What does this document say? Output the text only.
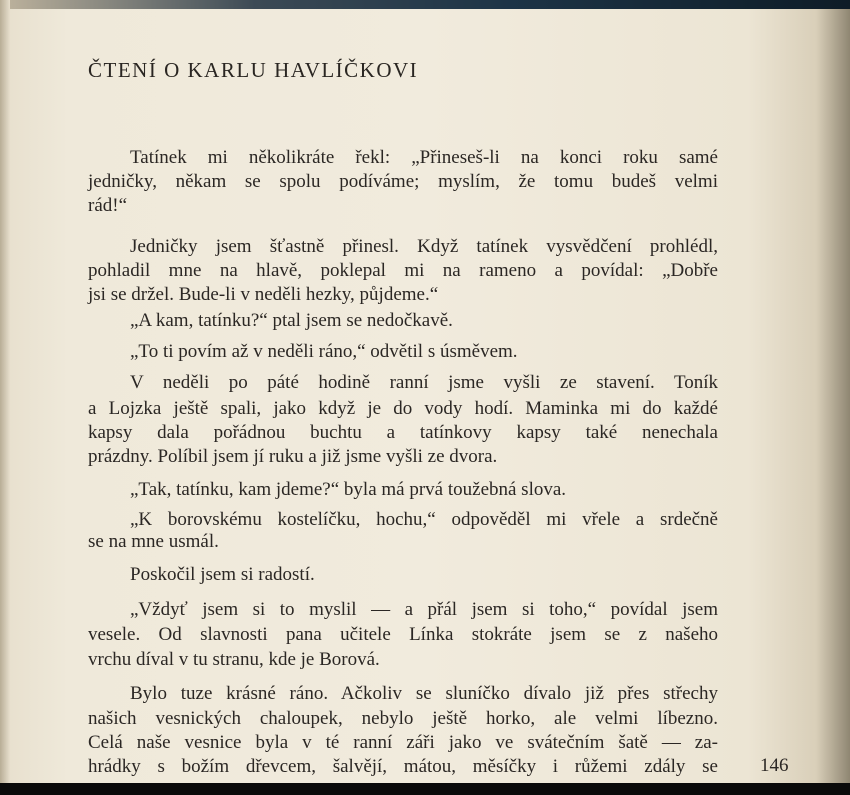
ČTENÍ O KARLU HAVLÍČKOVI
Tatínek mi několikráte řekl: „Přineseš-li na konci roku samé
jedničky, někam se spolu podíváme; myslím, že tomu budeš velmi
rád!“
Jedničky jsem šťastně přinesl. Když tatínek vysvědčení prohlédl,
pohladil mne na hlavě, poklepal mi na rameno a povídal: „Dobře
jsi se držel. Bude-li v neděli hezky, půjdeme.“
„A kam, tatínku?“ ptal jsem se nedočkavě.
„To ti povím až v neděli ráno,“ odvětil s úsměvem.
V neděli po páté hodině ranní jsme vyšli ze stavení. Toník
a Lojzka ještě spali, jako když je do vody hodí. Maminka mi do každé
kapsy dala pořádnou buchtu a tatínkovy kapsy také nenechala
prázdny. Políbil jsem jí ruku a již jsme vyšli ze dvora.
„Tak, tatínku, kam jdeme?“ byla má prvá toužebná slova.
„K borovskému kostelíčku, hochu,“ odpověděl mi vřele a srdečně
se na mne usmál.
Poskočil jsem si radostí.
„Vždyť jsem si to myslil — a přál jsem si toho,“ povídal jsem
vesele. Od slavnosti pana učitele Línka stokráte jsem se z našeho
vrchu díval v tu stranu, kde je Borová.
Bylo tuze krásné ráno. Ačkoliv se sluníčko dívalo již přes střechy
našich vesnických chaloupek, nebylo ještě horko, ale velmi líbezno.
Celá naše vesnice byla v té ranní záři jako ve svátečním šatě — za-
hrádky s božím dřevcem, šalvějí, mátou, měsíčky i růžemi zdály se 146
